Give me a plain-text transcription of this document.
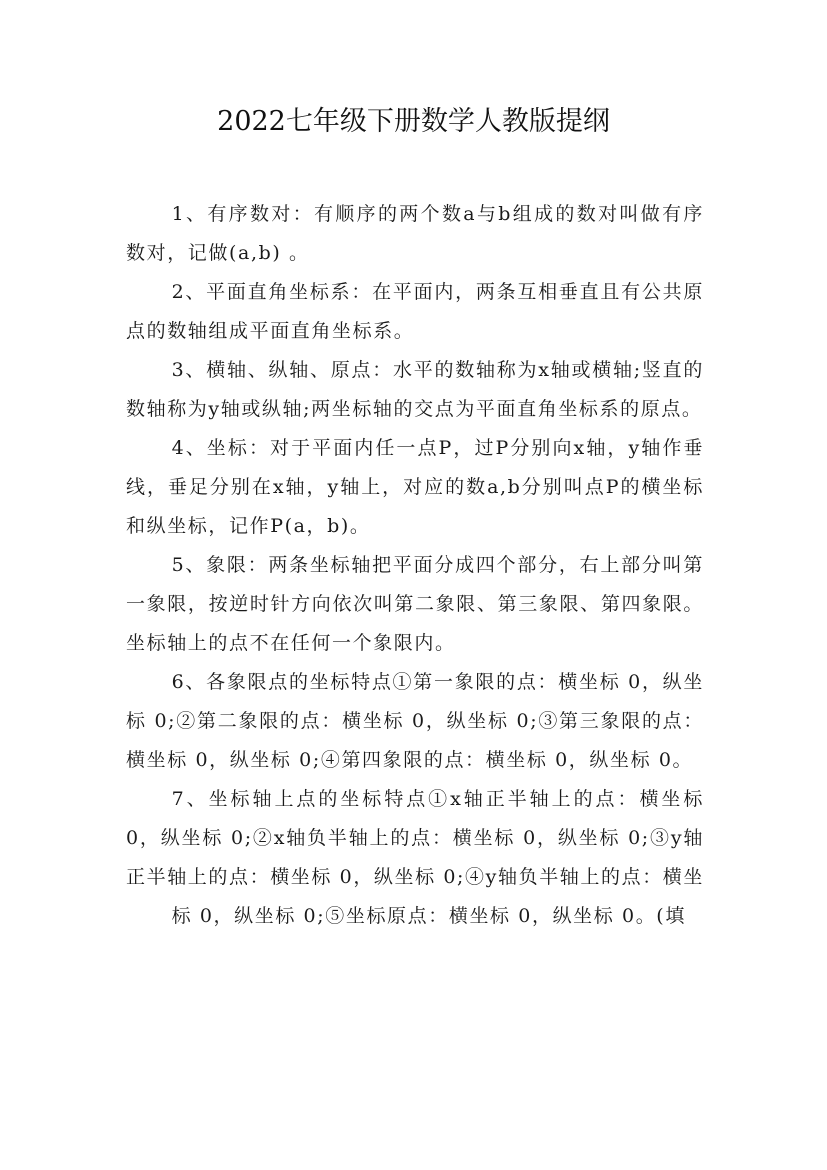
2022七年级下册数学人教版提纲

1、有序数对：有顺序的两个数a与b组成的数对叫做有序数对，记做(a,b) 。

2、平面直角坐标系：在平面内，两条互相垂直且有公共原点的数轴组成平面直角坐标系。

3、横轴、纵轴、原点：水平的数轴称为x轴或横轴;竖直的数轴称为y轴或纵轴;两坐标轴的交点为平面直角坐标系的原点。

4、坐标：对于平面内任一点P，过P分别向x轴，y轴作垂线，垂足分别在x轴，y轴上，对应的数a,b分别叫点P的横坐标和纵坐标，记作P(a，b)。

5、象限：两条坐标轴把平面分成四个部分，右上部分叫第一象限，按逆时针方向依次叫第二象限、第三象限、第四象限。坐标轴上的点不在任何一个象限内。

6、各象限点的坐标特点①第一象限的点：横坐标 0，纵坐标 0;②第二象限的点：横坐标 0，纵坐标 0;③第三象限的点：横坐标 0，纵坐标 0;④第四象限的点：横坐标 0，纵坐标 0。

7、坐标轴上点的坐标特点①x轴正半轴上的点：横坐标 0，纵坐标 0;②x轴负半轴上的点：横坐标 0，纵坐标 0;③y轴正半轴上的点：横坐标 0，纵坐标 0;④y轴负半轴上的点：横坐

标 0，纵坐标 0;⑤坐标原点：横坐标 0，纵坐标 0。(填
